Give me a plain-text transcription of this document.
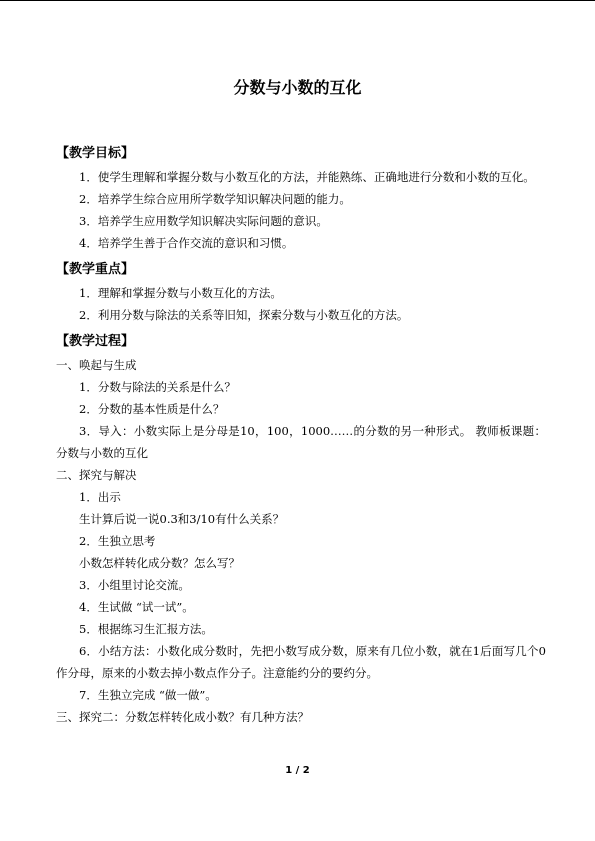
分数与小数的互化
【教学目标】
1．使学生理解和掌握分数与小数互化的方法，并能熟练、正确地进行分数和小数的互化。
2．培养学生综合应用所学数学知识解决问题的能力。
3．培养学生应用数学知识解决实际问题的意识。
4．培养学生善于合作交流的意识和习惯。
【教学重点】
1．理解和掌握分数与小数互化的方法。
2．利用分数与除法的关系等旧知，探索分数与小数互化的方法。
【教学过程】
一、唤起与生成
1．分数与除法的关系是什么？
2．分数的基本性质是什么？
3．导入：小数实际上是分母是10，100，1000……的分数的另一种形式。 教师板课题：分数与小数的互化
二、探究与解决
1．出示
生计算后说一说0.3和3/10有什么关系？
2．生独立思考
小数怎样转化成分数？怎么写？
3．小组里讨论交流。
4．生试做 “试一试”。
5．根据练习生汇报方法。
6．小结方法：小数化成分数时，先把小数写成分数，原来有几位小数，就在1后面写几个0作分母，原来的小数去掉小数点作分子。注意能约分的要约分。
7．生独立完成 “做一做”。
三、探究二：分数怎样转化成小数？有几种方法？
1 / 2
